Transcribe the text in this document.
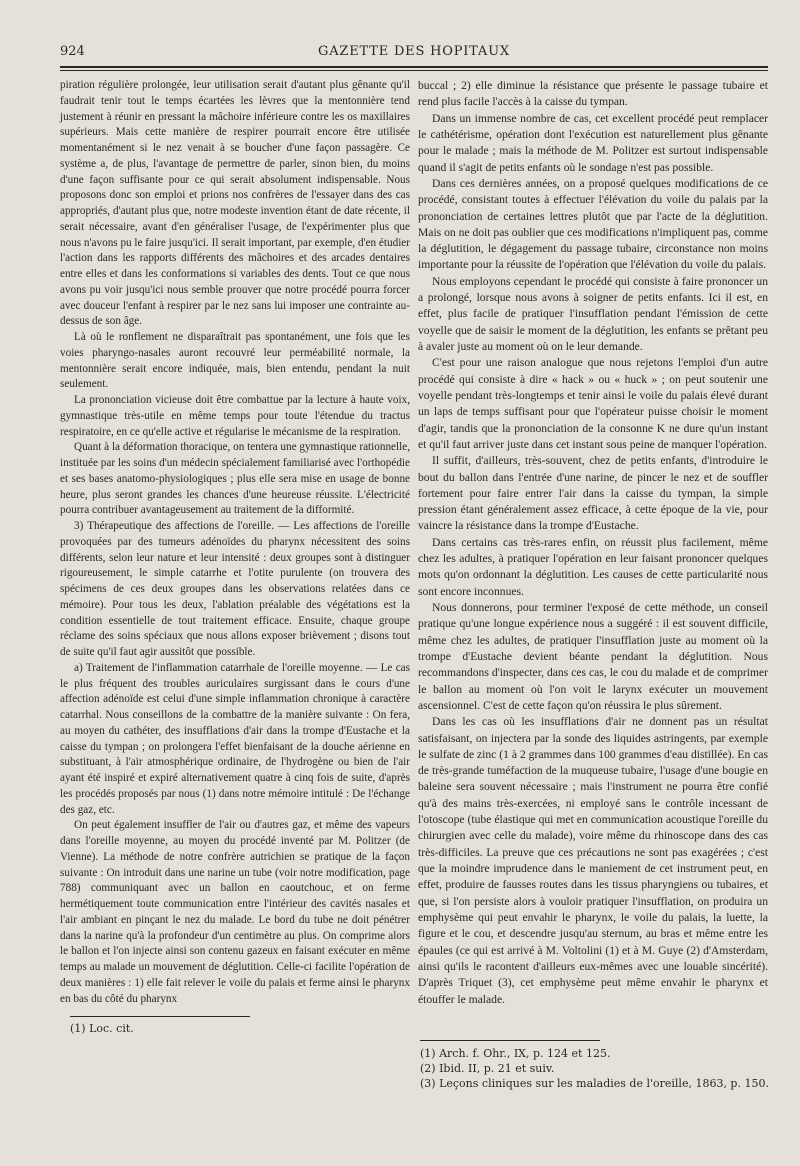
924	GAZETTE DES HOPITAUX

piration régulière prolongée, leur utilisation serait d'autant plus gênante qu'il faudrait tenir tout le temps écartées les lèvres que la mentonnière tend justement à réunir en pressant la mâchoire inférieure contre les os maxillaires supérieurs. Mais cette manière de respirer pourrait encore être utilisée momentanément si le nez venait à se boucher d'une façon passagère. Ce système a, de plus, l'avantage de permettre de parler, sinon bien, du moins d'une façon suffisante pour ce qui serait absolument indispensable. Nous proposons donc son emploi et prions nos confrères de l'essayer dans des cas appropriés, d'autant plus que, notre modeste invention étant de date récente, il serait nécessaire, avant d'en généraliser l'usage, de l'expérimenter plus que nous n'avons pu le faire jusqu'ici. Il serait important, par exemple, d'en étudier l'action dans les rapports différents des mâchoires et des arcades dentaires entre elles et dans les conformations si variables des dents. Tout ce que nous avons pu voir jusqu'ici nous semble prouver que notre procédé pourra forcer avec douceur l'enfant à respirer par le nez sans lui imposer une contrainte au-dessus de son âge.

Là où le ronflement ne disparaîtrait pas spontanément, une fois que les voies pharyngo-nasales auront recouvré leur perméabilité normale, la mentonnière serait encore indiquée, mais, bien entendu, pendant la nuit seulement.

La prononciation vicieuse doit être combattue par la lecture à haute voix, gymnastique très-utile en même temps pour toute l'étendue du tractus respiratoire, en ce qu'elle active et régularise le mécanisme de la respiration.

Quant à la déformation thoracique, on tentera une gymnastique rationnelle, instituée par les soins d'un médecin spécialement familiarisé avec l'orthopédie et ses bases anatomo-physiologiques ; plus elle sera mise en usage de bonne heure, plus seront grandes les chances d'une heureuse réussite. L'électricité pourra contribuer avantageusement au traitement de la difformité.

3) Thérapeutique des affections de l'oreille. — Les affections de l'oreille provoquées par des tumeurs adénoïdes du pharynx nécessitent des soins différents, selon leur nature et leur intensité : deux groupes sont à distinguer rigoureusement, le simple catarrhe et l'otite purulente (on trouvera des spécimens de ces deux groupes dans les observations relatées dans ce mémoire). Pour tous les deux, l'ablation préalable des végétations est la condition essentielle de tout traitement efficace. Ensuite, chaque groupe réclame des soins spéciaux que nous allons exposer brièvement ; disons tout de suite qu'il faut agir aussitôt que possible.

a) Traitement de l'inflammation catarrhale de l'oreille moyenne. — Le cas le plus fréquent des troubles auriculaires surgissant dans le cours d'une affection adénoïde est celui d'une simple inflammation chronique à caractère catarrhal. Nous conseillons de la combattre de la manière suivante : On fera, au moyen du cathéter, des insufflations d'air dans la trompe d'Eustache et la caisse du tympan ; on prolongera l'effet bienfaisant de la douche aérienne en substituant, à l'air atmosphérique ordinaire, de l'hydrogène ou bien de l'air ayant été inspiré et expiré alternativement quatre à cinq fois de suite, d'après les procédés proposés par nous (1) dans notre mémoire intitulé : De l'échange des gaz, etc.

On peut également insuffler de l'air ou d'autres gaz, et même des vapeurs dans l'oreille moyenne, au moyen du procédé inventé par M. Politzer (de Vienne). La méthode de notre confrère autrichien se pratique de la façon suivante : On introduit dans une narine un tube (voir notre modification, page 788) communiquant avec un ballon en caoutchouc, et on ferme hermétiquement toute communication entre l'intérieur des cavités nasales et l'air ambiant en pinçant le nez du malade. Le bord du tube ne doit pénétrer dans la narine qu'à la profondeur d'un centimètre au plus. On comprime alors le ballon et l'on injecte ainsi son contenu gazeux en faisant exécuter en même temps au malade un mouvement de déglutition. Celle-ci facilite l'opération de deux manières : 1) elle fait relever le voile du palais et ferme ainsi le pharynx en bas du côté du pharynx

(1) Loc. cit.

buccal ; 2) elle diminue la résistance que présente le passage tubaire et rend plus facile l'accès à la caisse du tympan.

Dans un immense nombre de cas, cet excellent procédé peut remplacer le cathétérisme, opération dont l'exécution est naturellement plus gênante pour le malade ; mais la méthode de M. Politzer est surtout indispensable quand il s'agit de petits enfants où le sondage n'est pas possible.

Dans ces dernières années, on a proposé quelques modifications de ce procédé, consistant toutes à effectuer l'élévation du voile du palais par la prononciation de certaines lettres plutôt que par l'acte de la déglutition. Mais on ne doit pas oublier que ces modifications n'impliquent pas, comme la déglutition, le dégagement du passage tubaire, circonstance non moins importante pour la réussite de l'opération que l'élévation du voile du palais.

Nous employons cependant le procédé qui consiste à faire prononcer un a prolongé, lorsque nous avons à soigner de petits enfants. Ici il est, en effet, plus facile de pratiquer l'insufflation pendant l'émission de cette voyelle que de saisir le moment de la déglutition, les enfants se prêtant peu à avaler juste au moment où on le leur demande.

C'est pour une raison analogue que nous rejetons l'emploi d'un autre procédé qui consiste à dire « hack » ou « huck » ; on peut soutenir une voyelle pendant très-longtemps et tenir ainsi le voile du palais élevé durant un laps de temps suffisant pour que l'opérateur puisse choisir le moment d'agir, tandis que la prononciation de la consonne K ne dure qu'un instant et qu'il faut arriver juste dans cet instant sous peine de manquer l'opération.

Il suffit, d'ailleurs, très-souvent, chez de petits enfants, d'introduire le bout du ballon dans l'entrée d'une narine, de pincer le nez et de souffler fortement pour faire entrer l'air dans la caisse du tympan, la simple pression étant généralement assez efficace, à cette époque de la vie, pour vaincre la résistance dans la trompe d'Eustache.

Dans certains cas très-rares enfin, on réussit plus facilement, même chez les adultes, à pratiquer l'opération en leur faisant prononcer quelques mots qu'on ordonnant la déglutition. Les causes de cette particularité nous sont encore inconnues.

Nous donnerons, pour terminer l'exposé de cette méthode, un conseil pratique qu'une longue expérience nous a suggéré : il est souvent difficile, même chez les adultes, de pratiquer l'insufflation juste au moment où la trompe d'Eustache devient béante pendant la déglutition. Nous recommandons d'inspecter, dans ces cas, le cou du malade et de comprimer le ballon au moment où l'on voit le larynx exécuter un mouvement ascensionnel. C'est de cette façon qu'on réussira le plus sûrement.

Dans les cas où les insufflations d'air ne donnent pas un résultat satisfaisant, on injectera par la sonde des liquides astringents, par exemple le sulfate de zinc (1 à 2 grammes dans 100 grammes d'eau distillée). En cas de très-grande tuméfaction de la muqueuse tubaire, l'usage d'une bougie en baleine sera souvent nécessaire ; mais l'instrument ne pourra être confié qu'à des mains très-exercées, ni employé sans le contrôle incessant de l'otoscope (tube élastique qui met en communication acoustique l'oreille du chirurgien avec celle du malade), voire même du rhinoscope dans des cas très-difficiles. La preuve que ces précautions ne sont pas exagérées ; c'est que la moindre imprudence dans le maniement de cet instrument peut, en effet, produire de fausses routes dans les tissus pharyngiens ou tubaires, et que, si l'on persiste alors à vouloir pratiquer l'insufflation, on produira un emphysème qui peut envahir le pharynx, le voile du palais, la luette, la figure et le cou, et descendre jusqu'au sternum, au bras et même entre les épaules (ce qui est arrivé à M. Voltolini (1) et à M. Guye (2) d'Amsterdam, ainsi qu'ils le racontent d'ailleurs eux-mêmes avec une louable sincérité). D'après Triquet (3), cet emphysème peut même envahir le pharynx et étouffer le malade.

(1) Arch. f. Ohr., IX, p. 124 et 125.
(2) Ibid. II, p. 21 et suiv.
(3) Leçons cliniques sur les maladies de l'oreille, 1863, p. 150.
